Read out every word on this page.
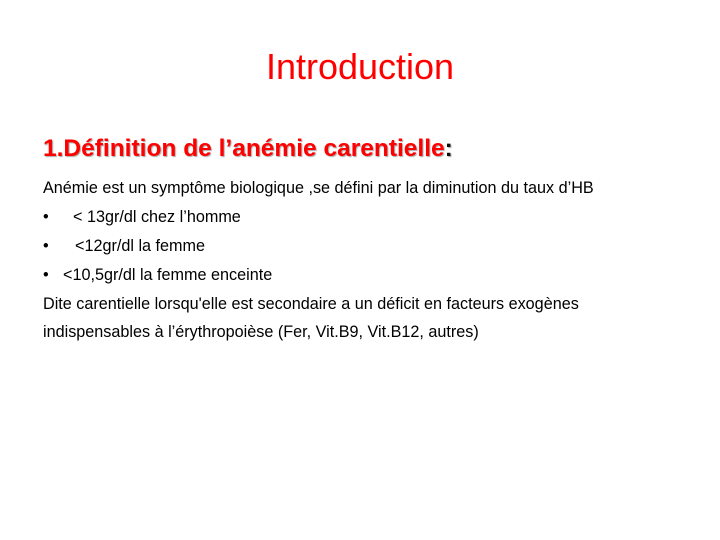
Introduction
1.Définition de l’anémie carentielle:
Anémie est un symptôme biologique ,se défini par la diminution du taux d’HB
• < 13gr/dl chez l’homme
• <12gr/dl la femme
• <10,5gr/dl la femme enceinte
Dite carentielle lorsqu'elle est secondaire a un déficit en facteurs exogènes
indispensables à l’érythropoièse (Fer, Vit.B9, Vit.B12, autres)
